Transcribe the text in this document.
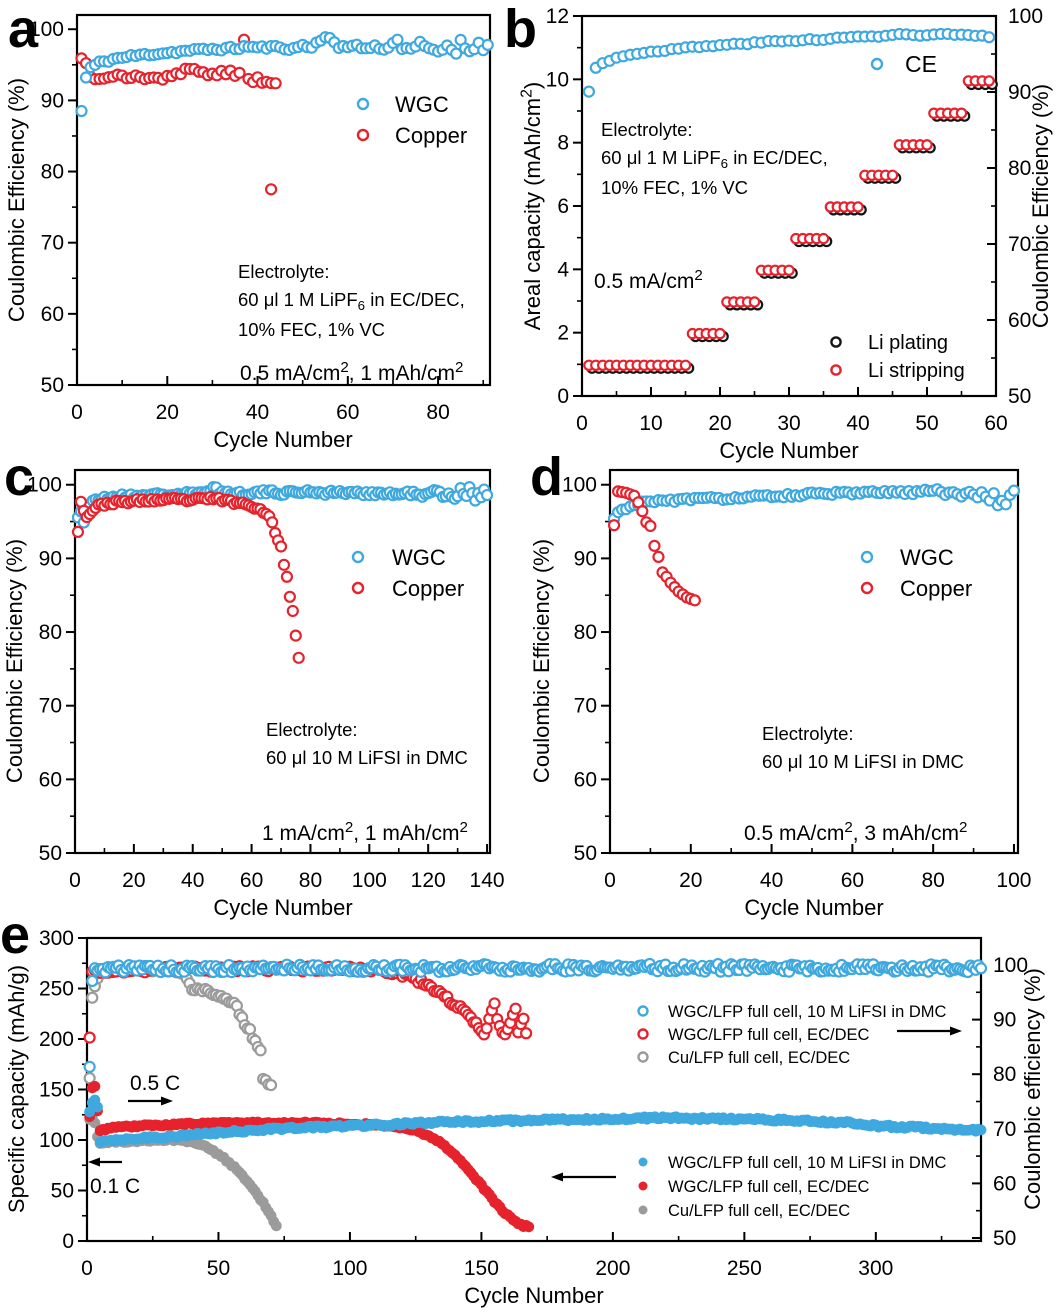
0	20	40	60	80
50
60
70
80
90
100
Cycle Number
Coulombic Efficiency (%)	Electrolyte:
60 μl 1 M LiPF$_6$ in EC/DEC,
10% FEC, 1% VC
0.5 $mA/cm^2$, 1 mAh/$cm^2$
WGC
Copper
0 10 20 30 40 50 60
0
2
4
6
8
10
12
50
60
70
80
90
100
Cycle Number
Areal capacity $(mAh/cm^2)$	Coulombic Efficiency (%)
Electrolyte:
60 μl 1 M LiPF$_6$ in EC/DEC,
10% FEC, 1% VC
0.5 $mA/cm^2$
CE
Li plating
Li stripping
0 20 40 60 80 100 120 140
50
60
70
80
90
100
Cycle Number
Coulombic Efficiency (%)	Electrolyte:
60 μl 10 M LiFSI in DMC
1 $mA/cm^2$, 1 mAh/$cm^2$
WGC
Copper
0	20	40	60	80 100
50
60
70
80
90
100
Cycle Number
Coulombic Efficiency (%)	Electrolyte:
60 μl 10 M LiFSI in DMC
0.5 $mA/cm^2$, 3 mAh/$cm^2$
WGC
Copper
0	50	100	150	200	250	300
0
50
100
150
200
250
300
50
60
70
80
90
100
Cycle Number
Specific capacity (mAh/g)	Coulombic efficiency (%)
0.5 C
0.1 C
WGC/LFP full cell, 10 M LiFSI in DMC
WGC/LFP full cell, EC/DEC
Cu/LFP full cell, EC/DEC
WGC/LFP full cell, 10 M LiFSI in DMC
WGC/LFP full cell, EC/DEC
Cu/LFP full cell, EC/DEC
a	b
c	d
e
